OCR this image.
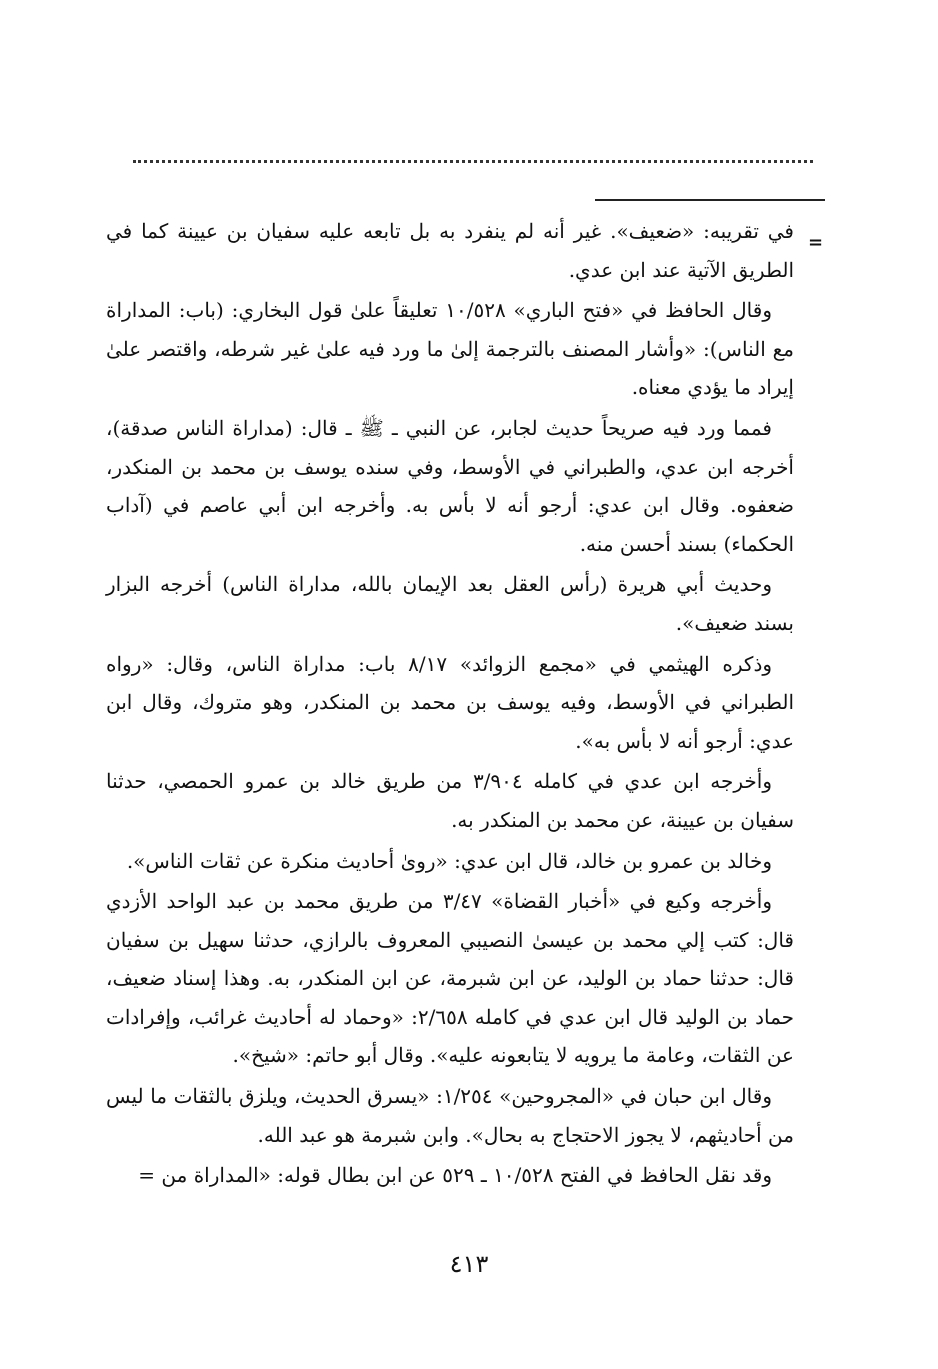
=

في تقريبه: «ضعيف». غير أنه لم ينفرد به بل تابعه عليه سفيان بن عيينة كما في الطريق الآتية عند ابن عدي.

وقال الحافظ في «فتح الباري» ١٠/٥٢٨ تعليقاً علىٰ قول البخاري: (باب: المداراة مع الناس): «وأشار المصنف بالترجمة إلىٰ ما ورد فيه علىٰ غير شرطه، واقتصر علىٰ إيراد ما يؤدي معناه.

فمما ورد فيه صريحاً حديث لجابر، عن النبي ـ ﷺ ـ قال: (مداراة الناس صدقة)، أخرجه ابن عدي، والطبراني في الأوسط، وفي سنده يوسف بن محمد بن المنكدر، ضعفوه. وقال ابن عدي: أرجو أنه لا بأس به. وأخرجه ابن أبي عاصم في (آداب الحكماء) بسند أحسن منه.

وحديث أبي هريرة (رأس العقل بعد الإيمان بالله، مداراة الناس) أخرجه البزار بسند ضعيف».

وذكره الهيثمي في «مجمع الزوائد» ٨/١٧ باب: مداراة الناس، وقال: «رواه الطبراني في الأوسط، وفيه يوسف بن محمد بن المنكدر، وهو متروك، وقال ابن عدي: أرجو أنه لا بأس به».

وأخرجه ابن عدي في كامله ٣/٩٠٤ من طريق خالد بن عمرو الحمصي، حدثنا سفيان بن عيينة، عن محمد بن المنكدر به.

وخالد بن عمرو بن خالد، قال ابن عدي: «روىٰ أحاديث منكرة عن ثقات الناس».

وأخرجه وكيع في «أخبار القضاة» ٣/٤٧ من طريق محمد بن عبد الواحد الأزدي قال: كتب إلي محمد بن عيسىٰ النصيبي المعروف بالرازي، حدثنا سهيل بن سفيان قال: حدثنا حماد بن الوليد، عن ابن شبرمة، عن ابن المنكدر، به. وهذا إسناد ضعيف، حماد بن الوليد قال ابن عدي في كامله ٢/٦٥٨: «وحماد له أحاديث غرائب، وإفرادات عن الثقات، وعامة ما يرويه لا يتابعونه عليه». وقال أبو حاتم: «شيخ».

وقال ابن حبان في «المجروحين» ١/٢٥٤: «يسرق الحديث، ويلزق بالثقات ما ليس من أحاديثهم، لا يجوز الاحتجاج به بحال». وابن شبرمة هو عبد الله.

وقد نقل الحافظ في الفتح ١٠/٥٢٨ ـ ٥٢٩ عن ابن بطال قوله: «المداراة من =

٤١٣
